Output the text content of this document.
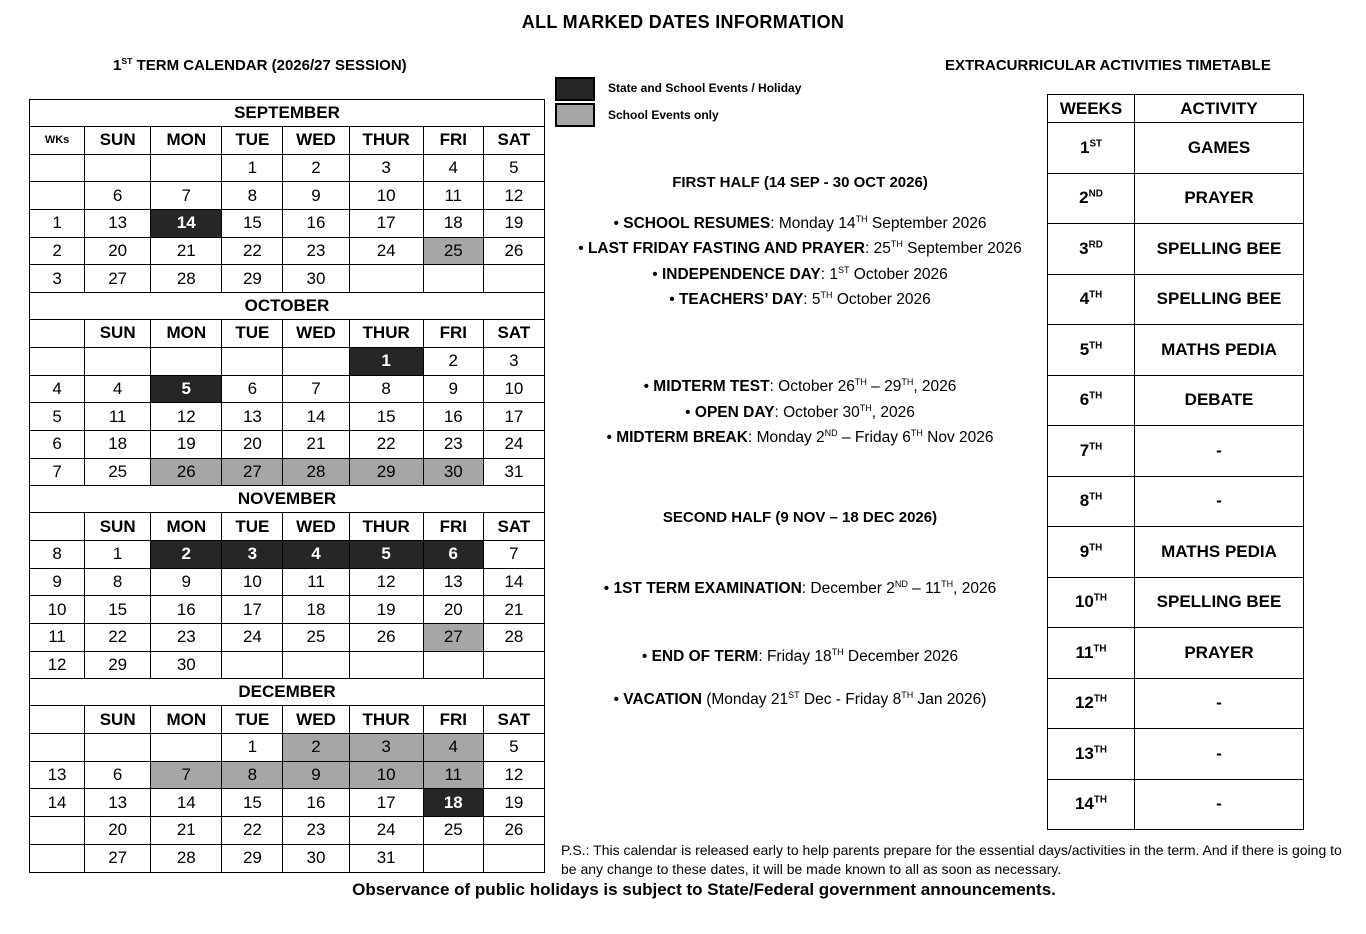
ALL MARKED DATES INFORMATION
1ST TERM CALENDAR (2026/27 SESSION)	EXTRACURRICULAR ACTIVITIES TIMETABLE
State and School Events / Holiday
School Events only
SEPTEMBER							
WKs	SUN	MON	TUE	WED	THUR	FRI	SAT
			1	2	3	4	5
	6	7	8	9	10	11	12
1	13	14	15	16	17	18	19
2	20	21	22	23	24	25	26
3	27	28	29	30			
OCTOBER							
	SUN	MON	TUE	WED	THUR	FRI	SAT
					1	2	3
4	4	5	6	7	8	9	10
5	11	12	13	14	15	16	17
6	18	19	20	21	22	23	24
7	25	26	27	28	29	30	31
NOVEMBER							
	SUN	MON	TUE	WED	THUR	FRI	SAT
8	1	2	3	4	5	6	7
9	8	9	10	11	12	13	14
10	15	16	17	18	19	20	21
11	22	23	24	25	26	27	28
12	29	30					
DECEMBER							
	SUN	MON	TUE	WED	THUR	FRI	SAT
			1	2	3	4	5
13	6	7	8	9	10	11	12
14	13	14	15	16	17	18	19
	20	21	22	23	24	25	26
	27	28	29	30	31		
FIRST HALF (14 SEP - 30 OCT 2026)
• SCHOOL RESUMES: Monday 14TH September 2026
• LAST FRIDAY FASTING AND PRAYER: 25TH September 2026
• INDEPENDENCE DAY: 1ST October 2026
• TEACHERS’ DAY: 5TH October 2026
• MIDTERM TEST: October 26TH – 29TH, 2026
• OPEN DAY: October 30TH, 2026
• MIDTERM BREAK: Monday 2ND – Friday 6TH Nov 2026
SECOND HALF (9 NOV – 18 DEC 2026)
• 1ST TERM EXAMINATION: December 2ND – 11TH, 2026
• END OF TERM: Friday 18TH December 2026
• VACATION (Monday 21ST Dec - Friday 8TH Jan 2026)
WEEKS	ACTIVITY
1ST	GAMES
2ND	PRAYER
3RD	SPELLING BEE
4TH	SPELLING BEE
5TH	MATHS PEDIA
6TH	DEBATE
7TH	-
8TH	-
9TH	MATHS PEDIA
10TH	SPELLING BEE
11TH	PRAYER
12TH	-
13TH	-
14TH	-
P.S.: This calendar is released early to help parents prepare for the essential days/activities in the term. And if there is going to be any change to these dates, it will be made known to all as soon as necessary.
Observance of public holidays is subject to State/Federal government announcements.
